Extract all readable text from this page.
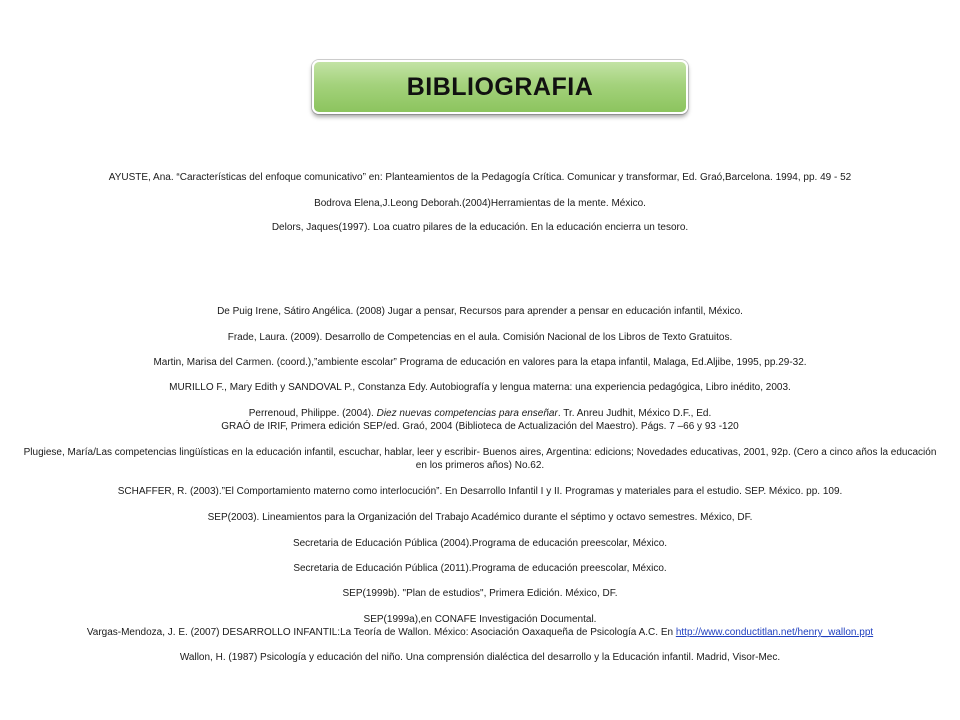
BIBLIOGRAFIA

AYUSTE, Ana. “Características del enfoque comunicativo” en: Planteamientos de la Pedagogía Crítica. Comunicar y transformar, Ed. Graó,Barcelona. 1994, pp. 49 - 52

Bodrova Elena,J.Leong Deborah.(2004)Herramientas de la mente. México.

Delors, Jaques(1997). Loa cuatro pilares de la educación. En la educación encierra un tesoro.

De Puig Irene, Sátiro Angélica. (2008) Jugar a pensar, Recursos para aprender a pensar en educación infantil, México.

Frade, Laura. (2009). Desarrollo de Competencias en el aula. Comisión Nacional de los Libros de Texto Gratuitos.

Martin, Marisa del Carmen. (coord.),”ambiente escolar” Programa de educación en valores para la etapa infantil, Malaga, Ed.Aljibe, 1995, pp.29-32.

MURILLO F., Mary Edith y SANDOVAL P., Constanza Edy. Autobiografía y lengua materna: una experiencia pedagógica, Libro inédito, 2003.

Perrenoud, Philippe. (2004). Diez nuevas competencias para enseñar. Tr. Anreu Judhit, México D.F., Ed.
GRAÓ de IRIF, Primera edición SEP/ed. Graó, 2004 (Biblioteca de Actualización del Maestro). Págs. 7 –66 y 93 -120

Plugiese, María/Las competencias lingüísticas en la educación infantil, escuchar, hablar, leer y escribir- Buenos aires, Argentina: edicions; Novedades educativas, 2001, 92p. (Cero a cinco años la educación en los primeros años) No.62.

SCHAFFER, R. (2003).”El Comportamiento materno como interlocución”. En Desarrollo Infantil I y II. Programas y materiales para el estudio. SEP. México. pp. 109.

SEP(2003). Lineamientos para la Organización del Trabajo Académico durante el séptimo y octavo semestres. México, DF.

Secretaria de Educación Pública (2004).Programa de educación preescolar, México.

Secretaria de Educación Pública (2011).Programa de educación preescolar, México.

SEP(1999b). "Plan de estudios", Primera Edición. México, DF.

SEP(1999a),en CONAFE Investigación Documental.

Vargas-Mendoza, J. E. (2007) DESARROLLO INFANTIL:La Teoría de Wallon. México: Asociación Oaxaqueña de Psicología A.C. En http://www.conductitlan.net/henry_wallon.ppt

Wallon, H. (1987) Psicología y educación del niño. Una comprensión dialéctica del desarrollo y la Educación infantil. Madrid, Visor-Mec.
